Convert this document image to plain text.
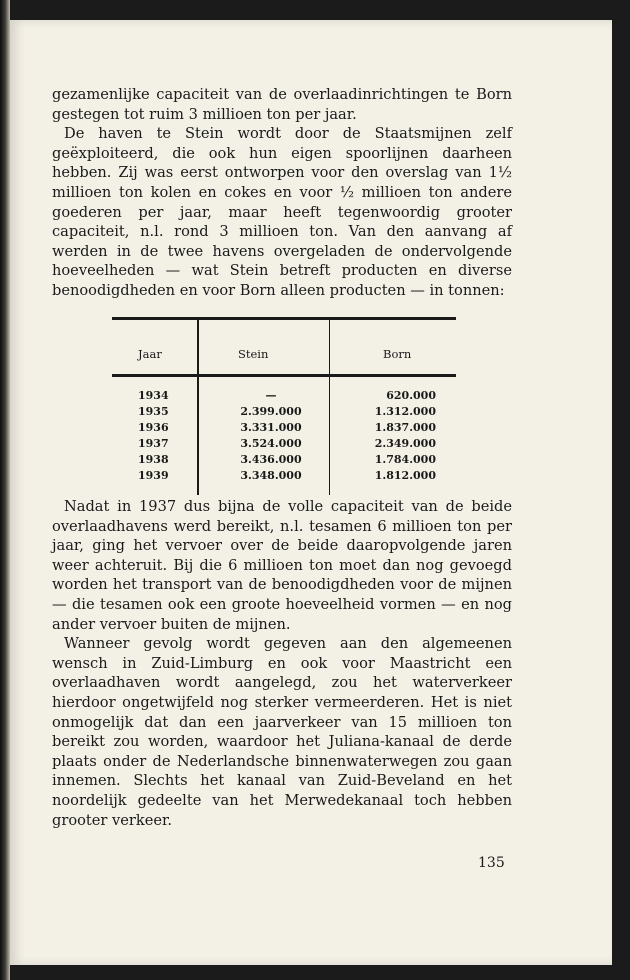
gezamenlijke capaciteit van de overlaadinrichtingen te Born gestegen tot ruim 3 millioen ton per jaar.

De haven te Stein wordt door de Staatsmijnen zelf geëxploiteerd, die ook hun eigen spoorlijnen daarheen hebben. Zij was eerst ontworpen voor den overslag van 1½ millioen ton kolen en cokes en voor ½ millioen ton andere goederen per jaar, maar heeft tegenwoordig grooter capaciteit, n.l. rond 3 millioen ton. Van den aanvang af werden in de twee havens overgeladen de ondervolgende hoeveelheden — wat Stein betreft producten en diverse benoodigdheden en voor Born alleen producten — in tonnen:

Jaar	Stein	Born
1934	—	620.000
1935	2.399.000	1.312.000
1936	3.331.000	1.837.000
1937	3.524.000	2.349.000
1938	3.436.000	1.784.000
1939	3.348.000	1.812.000

Nadat in 1937 dus bijna de volle capaciteit van de beide overlaadhavens werd bereikt, n.l. tesamen 6 millioen ton per jaar, ging het vervoer over de beide daaropvolgende jaren weer achteruit. Bij die 6 millioen ton moet dan nog gevoegd worden het transport van de benoodigdheden voor de mijnen — die tesamen ook een groote hoeveelheid vormen — en nog ander vervoer buiten de mijnen.

Wanneer gevolg wordt gegeven aan den algemeenen wensch in Zuid-Limburg en ook voor Maastricht een overlaadhaven wordt aangelegd, zou het waterverkeer hierdoor ongetwijfeld nog sterker vermeerderen. Het is niet onmogelijk dat dan een jaarverkeer van 15 millioen ton bereikt zou worden, waardoor het Juliana-kanaal de derde plaats onder de Nederlandsche binnenwaterwegen zou gaan innemen. Slechts het kanaal van Zuid-Beveland en het noordelijk gedeelte van het Merwedekanaal toch hebben grooter verkeer.

135
